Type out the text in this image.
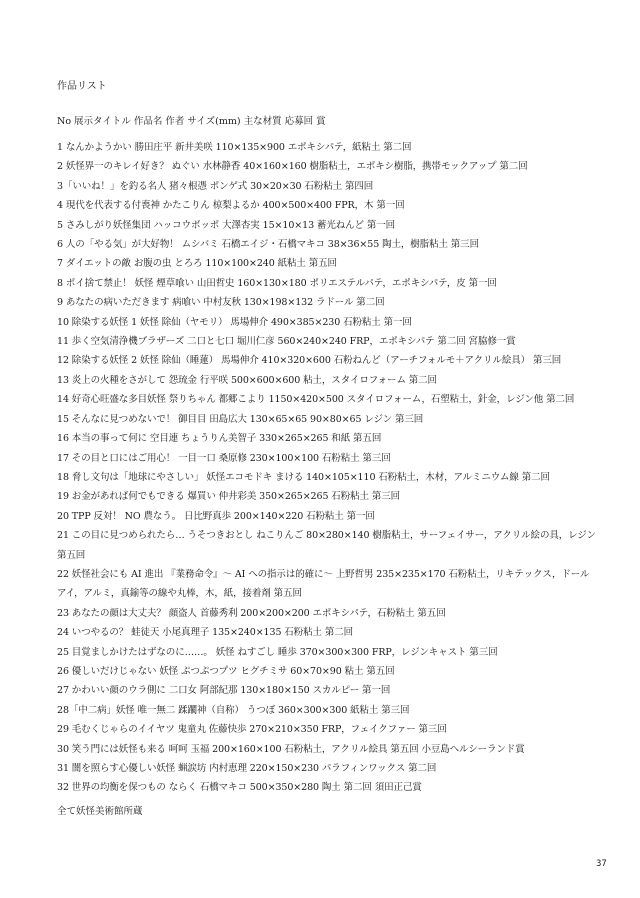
作品リスト
No 展示タイトル 作品名 作者 サイズ(mm) 主な材質 応募回 賞

1 なんかようかい 勝田庄平 新井美咲 110×135×900 エポキシパテ，紙粘土 第二回

2 妖怪界一のキレイ好き？ ぬぐい 水林静香 40×160×160 樹脂粘土，エポキシ樹脂，携帯モックアップ 第二回

3「いいね！」を釣る名人 猪々根憑 ポンゲ式 30×20×30 石粉粘土 第四回

4 現代を代表する付喪神 かたこりん 椋梨よるか 400×500×400 FPR，木 第一回

5 さみしがり妖怪集団 ハッコウボッポ 大澤杏実 15×10×13 蓄光ねんど 第一回

6 人の「やる気」が大好物！ ムシバミ 石橋エイジ・石橋マキコ 38×36×55 陶土，樹脂粘土 第三回

7 ダイエットの敵 お腹の虫 とろろ 110×100×240 紙粘土 第五回

8 ポイ捨て禁止！ 妖怪 煙草喰い 山田哲史 160×130×180 ポリエステルパテ，エポキシパテ，皮 第一回

9 あなたの病いただきます 病喰い 中村友秋 130×198×132 ラドール 第二回

10 除染する妖怪 1 妖怪 除仙（ヤモリ） 馬場伸介 490×385×230 石粉粘土 第一回

11 歩く空気清浄機ブラザーズ 二口と七口 堀川仁彦 560×240×240 FRP，エポキシパテ 第二回 宮脇修一賞

12 除染する妖怪 2 妖怪 除仙（睡蓮） 馬場伸介 410×320×600 石粉ねんど（アーチフォルモ＋アクリル絵具） 第三回

13 炎上の火種をさがして 怨琉金 行平咲 500×600×600 粘土，スタイロフォーム 第二回

14 好奇心旺盛な多目妖怪 祭りちゃん 都郷こより 1150×420×500 スタイロフォーム，石塑粘土，針金，レジン他 第二回

15 そんなに見つめないで！ 御目目 田島広大 130×65×65 90×80×65 レジン 第三回

16 本当の事って何に 空目連 ちょうりん美智子 330×265×265 和紙 第五回

17 その目と口にはご用心！ 一目一口 桑原修 230×100×100 石粉粘土 第三回

18 脅し文句は「地球にやさしい」 妖怪エコモドキ まける 140×105×110 石粉粘土，木材，アルミニウム線 第二回

19 お金があれば何でもできる 爆買い 仲井彩美 350×265×265 石粉粘土 第三回

20 TPP 反対！ NO 農なう。 日比野真歩 200×140×220 石粉粘土 第一回

21 この目に見つめられたら… うそつきおとし ねこりんご 80×280×140 樹脂粘土，サーフェイサー，アクリル絵の具，レジン 第五回

22 妖怪社会にも AI 進出 『業務命令』〜 AI への指示は的確に〜 上野哲男 235×235×170 石粉粘土，リキテックス，ドールアイ，アルミ，真鍮等の線や丸棒，木，紙，接着剤 第五回

23 あなたの顔は大丈夫？ 顔盗人 首藤秀利 200×200×200 エポキシパテ，石粉粘土 第五回

24 いつやるの？ 蛙徒天 小尾真理子 135×240×135 石粉粘土 第二回

25 目覚ましかけたはずなのに……。 妖怪 ねすごし 睡歩 370×300×300 FRP，レジンキャスト 第三回

26 優しいだけじゃない 妖怪 ぷつぷつプツ ヒグチミサ 60×70×90 粘土 第五回

27 かわいい顔のウラ側に 二口女 阿部紀那 130×180×150 スカルピー 第一回

28「中二病」妖怪 唯一無二 蹂躙神（自称） うつぼ 360×300×300 紙粘土 第三回

29 毛むくじゃらのイイヤツ 鬼童丸 佐藤快歩 270×210×350 FRP，フェイクファー 第三回

30 笑う門には妖怪も来る 呵呵 玉福 200×160×100 石粉粘土，アクリル絵具 第五回 小豆島ヘルシーランド賞

31 闇を照らす心優しい妖怪 蝋涙坊 内村恵理 220×150×230 パラフィンワックス 第二回

32 世界の均衡を保つもの ならく 石橋マキコ 500×350×280 陶土 第二回 須田正己賞

全て妖怪美術館所蔵
37
